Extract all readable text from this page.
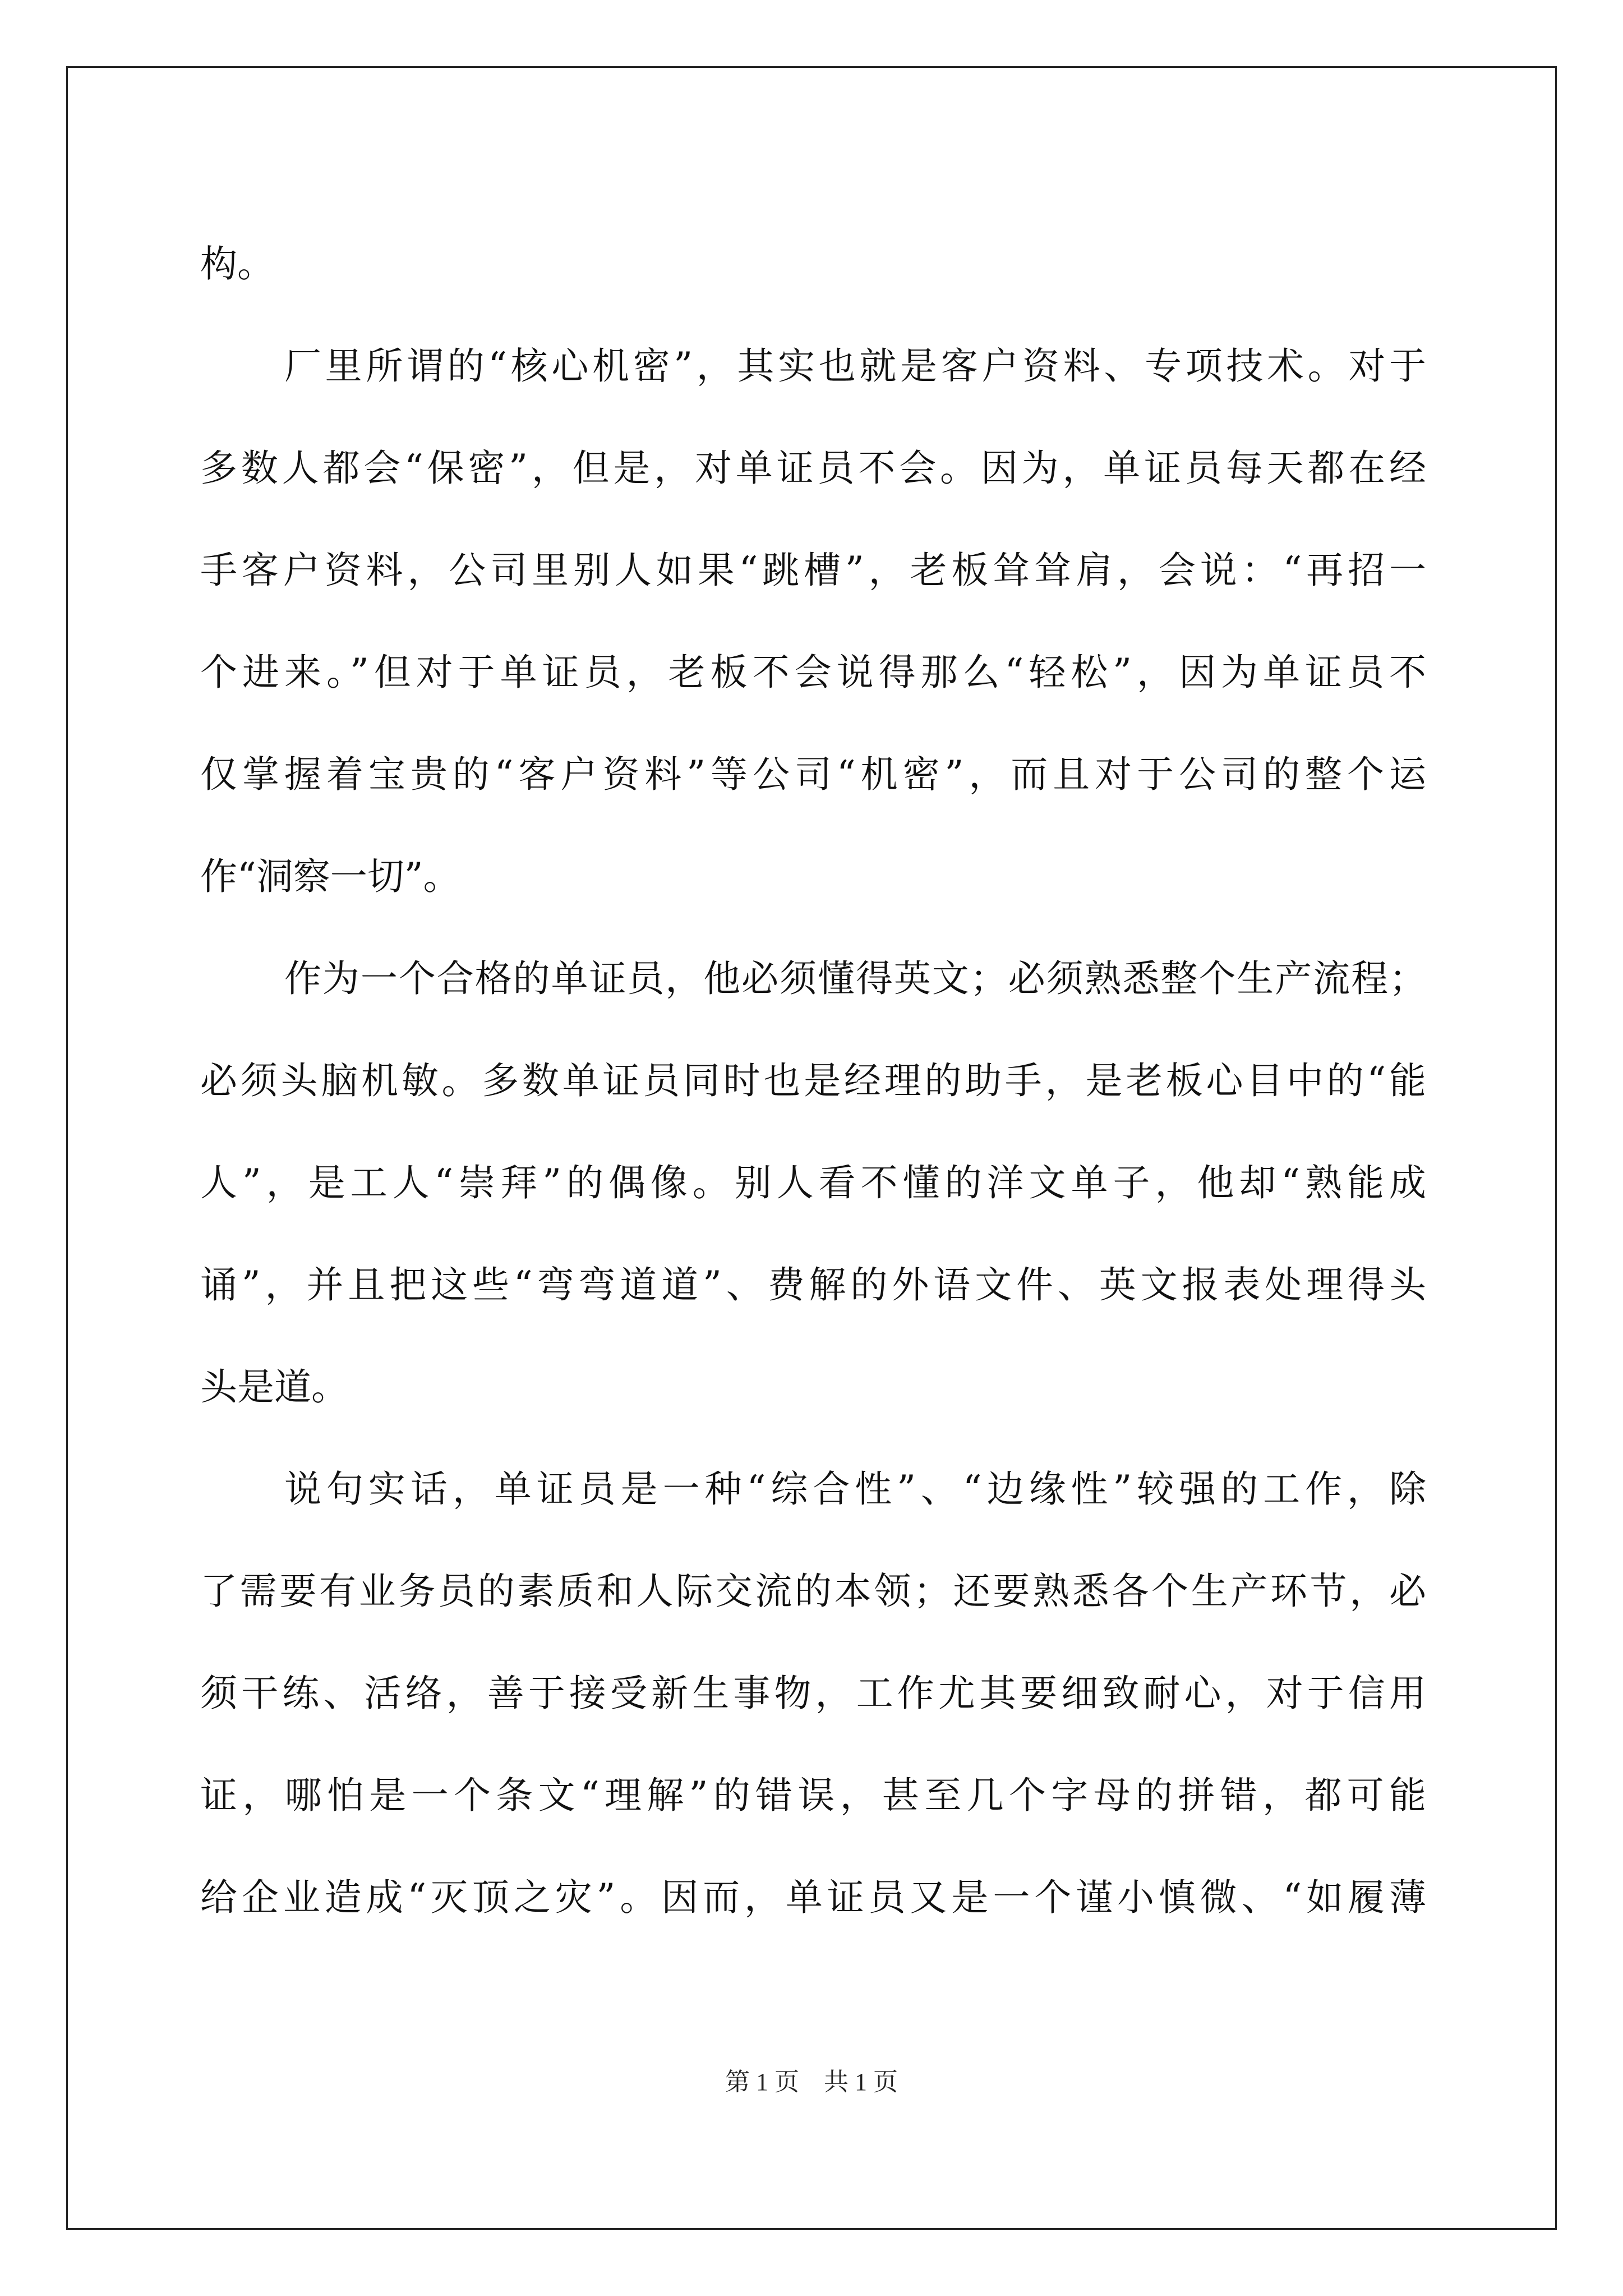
构。
厂里所谓的“核心机密”，其实也就是客户资料、专项技术。对于
多数人都会“保密”，但是，对单证员不会。因为，单证员每天都在经
手客户资料，公司里别人如果“跳槽”，老板耸耸肩，会说：“再招一
个进来。”但对于单证员，老板不会说得那么“轻松”，因为单证员不
仅掌握着宝贵的“客户资料”等公司“机密”，而且对于公司的整个运
作“洞察一切”。
作为一个合格的单证员，他必须懂得英文；必须熟悉整个生产流程；
必须头脑机敏。多数单证员同时也是经理的助手，是老板心目中的“能
人”，是工人“崇拜”的偶像。别人看不懂的洋文单子，他却“熟能成
诵”，并且把这些“弯弯道道”、费解的外语文件、英文报表处理得头
头是道。
说句实话，单证员是一种“综合性”、“边缘性”较强的工作，除
了需要有业务员的素质和人际交流的本领；还要熟悉各个生产环节，必
须干练、活络，善于接受新生事物，工作尤其要细致耐心，对于信用
证，哪怕是一个条文“理解”的错误，甚至几个字母的拼错，都可能
给企业造成“灭顶之灾”。因而，单证员又是一个谨小慎微、“如履薄
第 1 页　共 1 页
